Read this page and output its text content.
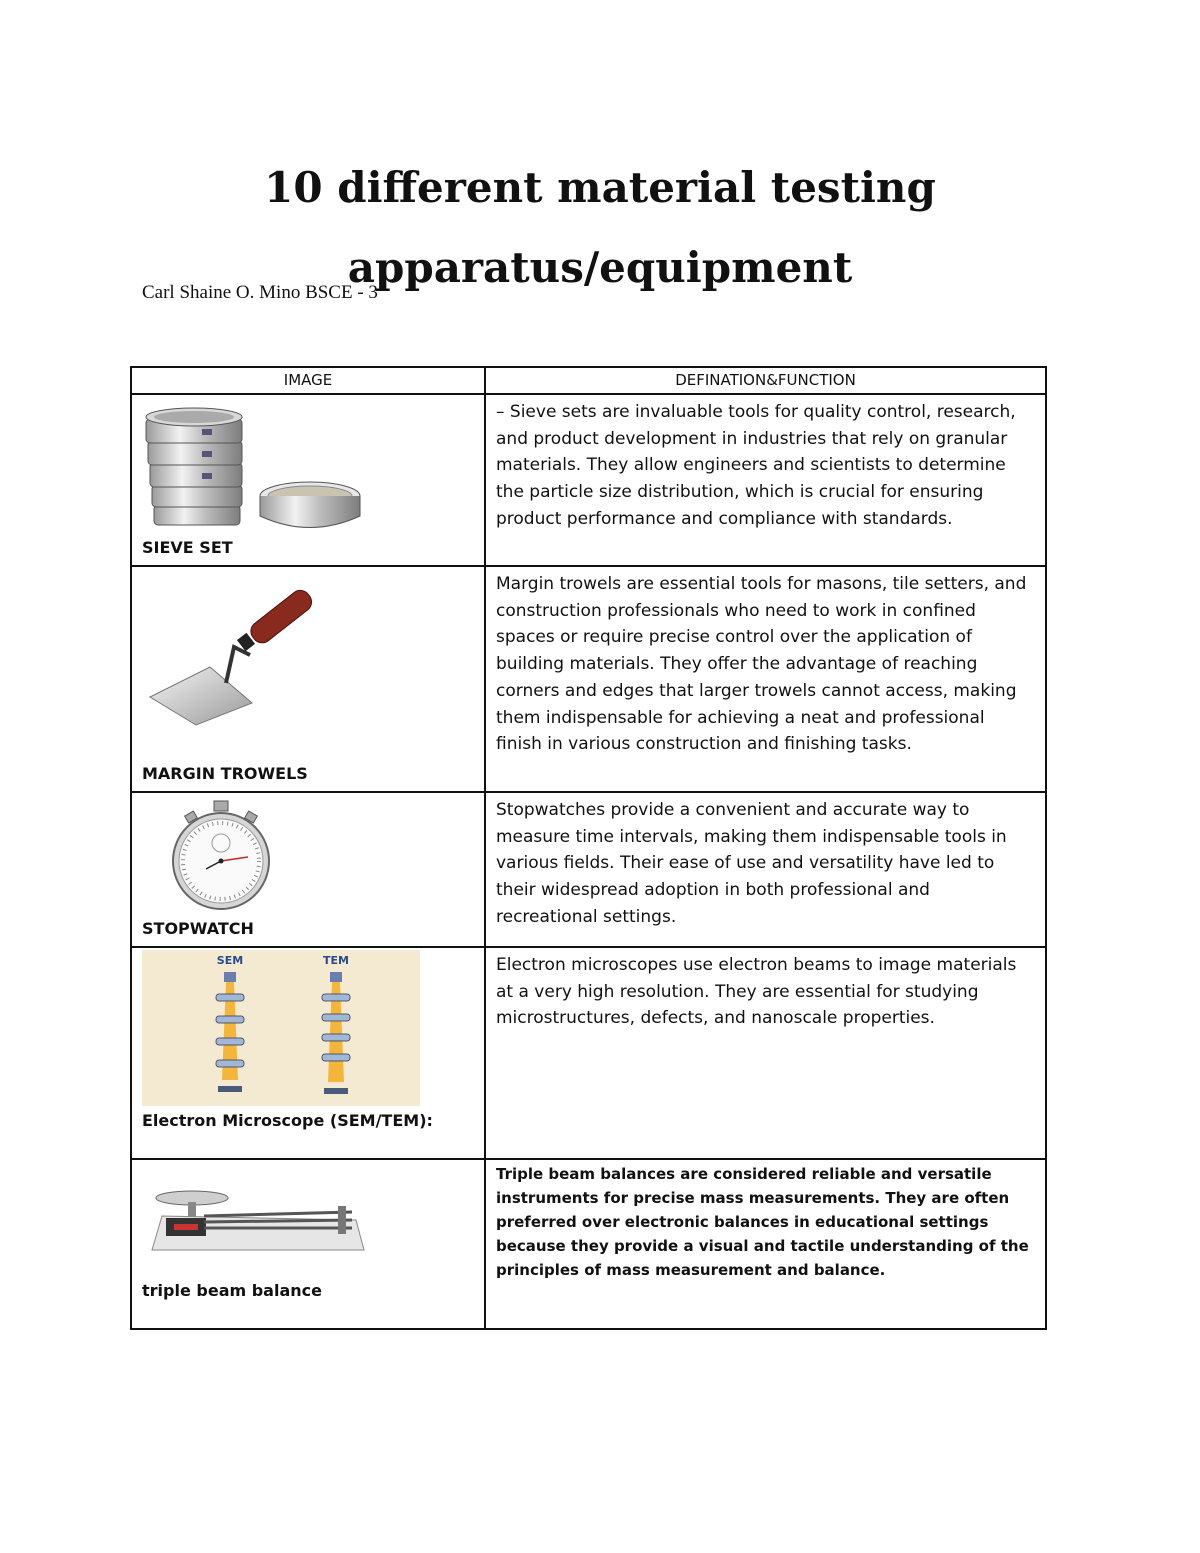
10 different material testing
apparatus/equipment

Carl Shaine O. Mino BSCE - 3

IMAGE	DEFINATION&FUNCTION

SIEVE SET	– Sieve sets are invaluable tools for quality control, research, and product development in industries that rely on granular materials. They allow engineers and scientists to determine the particle size distribution, which is crucial for ensuring product performance and compliance with standards.

MARGIN TROWELS	Margin trowels are essential tools for masons, tile setters, and construction professionals who need to work in confined spaces or require precise control over the application of building materials. They offer the advantage of reaching corners and edges that larger trowels cannot access, making them indispensable for achieving a neat and professional finish in various construction and finishing tasks.

STOPWATCH	Stopwatches provide a convenient and accurate way to measure time intervals, making them indispensable tools in various fields. Their ease of use and versatility have led to their widespread adoption in both professional and recreational settings.

SEM TEM
Electron Microscope (SEM/TEM):	Electron microscopes use electron beams to image materials at a very high resolution. They are essential for studying microstructures, defects, and nanoscale properties.

triple beam balance	Triple beam balances are considered reliable and versatile instruments for precise mass measurements. They are often preferred over electronic balances in educational settings because they provide a visual and tactile understanding of the principles of mass measurement and balance.
